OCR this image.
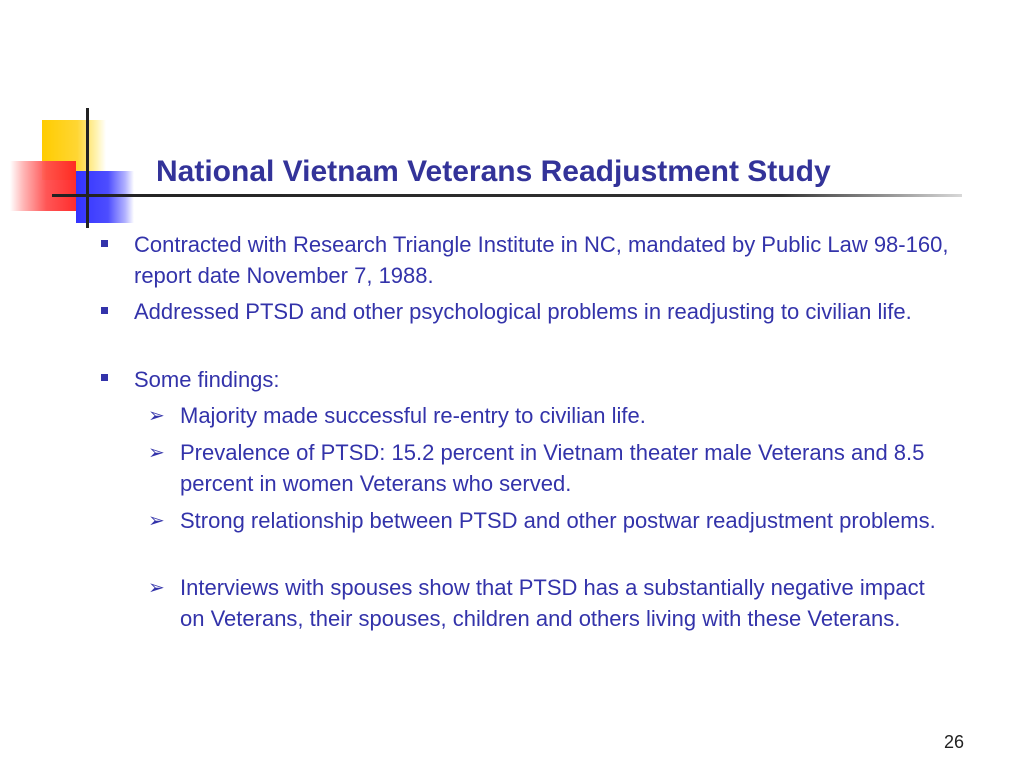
National Vietnam Veterans Readjustment Study
Contracted with Research Triangle Institute in NC, mandated by Public Law 98-160, report date November 7, 1988.
Addressed PTSD and other psychological problems in readjusting to civilian life.
Some findings:
➢ Majority made successful re-entry to civilian life.
➢ Prevalence of PTSD: 15.2 percent in Vietnam theater male Veterans and 8.5 percent in women Veterans who served.
➢ Strong relationship between PTSD and other postwar readjustment problems.
➢ Interviews with spouses show that PTSD has a substantially negative impact on Veterans, their spouses, children and others living with these Veterans.
26
